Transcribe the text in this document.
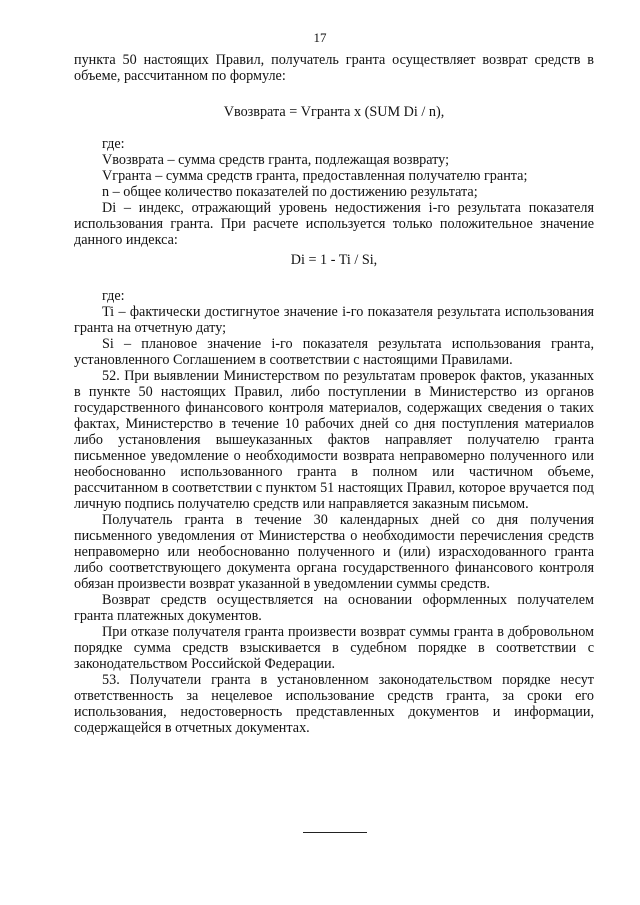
17

пункта 50 настоящих Правил, получатель гранта осуществляет возврат средств в объеме, рассчитанном по формуле:

Vвозврата = Vгранта x (SUM Di / n),

где:

Vвозврата – сумма средств гранта, подлежащая возврату;

Vгранта – сумма средств гранта, предоставленная получателю гранта;

n – общее количество показателей по достижению результата;

Di – индекс, отражающий уровень недостижения i-го результата показателя использования гранта. При расчете используется только положительное значение данного индекса:

Di = 1 - Ti / Si,

где:

Ti – фактически достигнутое значение i-го показателя результата использования гранта на отчетную дату;

Si – плановое значение i-го показателя результата использования гранта, установленного Соглашением в соответствии с настоящими Правилами.

52. При выявлении Министерством по результатам проверок фактов, указанных в пункте 50 настоящих Правил, либо поступлении в Министерство из органов государственного финансового контроля материалов, содержащих сведения о таких фактах, Министерство в течение 10 рабочих дней со дня поступления материалов либо установления вышеуказанных фактов направляет получателю гранта письменное уведомление о необходимости возврата неправомерно полученного или необоснованно использованного гранта в полном или частичном объеме, рассчитанном в соответствии с пунктом 51 настоящих Правил, которое вручается под личную подпись получателю средств или направляется заказным письмом.

Получатель гранта в течение 30 календарных дней со дня получения письменного уведомления от Министерства о необходимости перечисления средств неправомерно или необоснованно полученного и (или) израсходованного гранта либо соответствующего документа органа государственного финансового контроля обязан произвести возврат указанной в уведомлении суммы средств.

Возврат средств осуществляется на основании оформленных получателем гранта платежных документов.

При отказе получателя гранта произвести возврат суммы гранта в добровольном порядке сумма средств взыскивается в судебном порядке в соответствии с законодательством Российской Федерации.

53. Получатели гранта в установленном законодательством порядке несут ответственность за нецелевое использование средств гранта, за сроки его использования, недостоверность представленных документов и информации, содержащейся в отчетных документах.
